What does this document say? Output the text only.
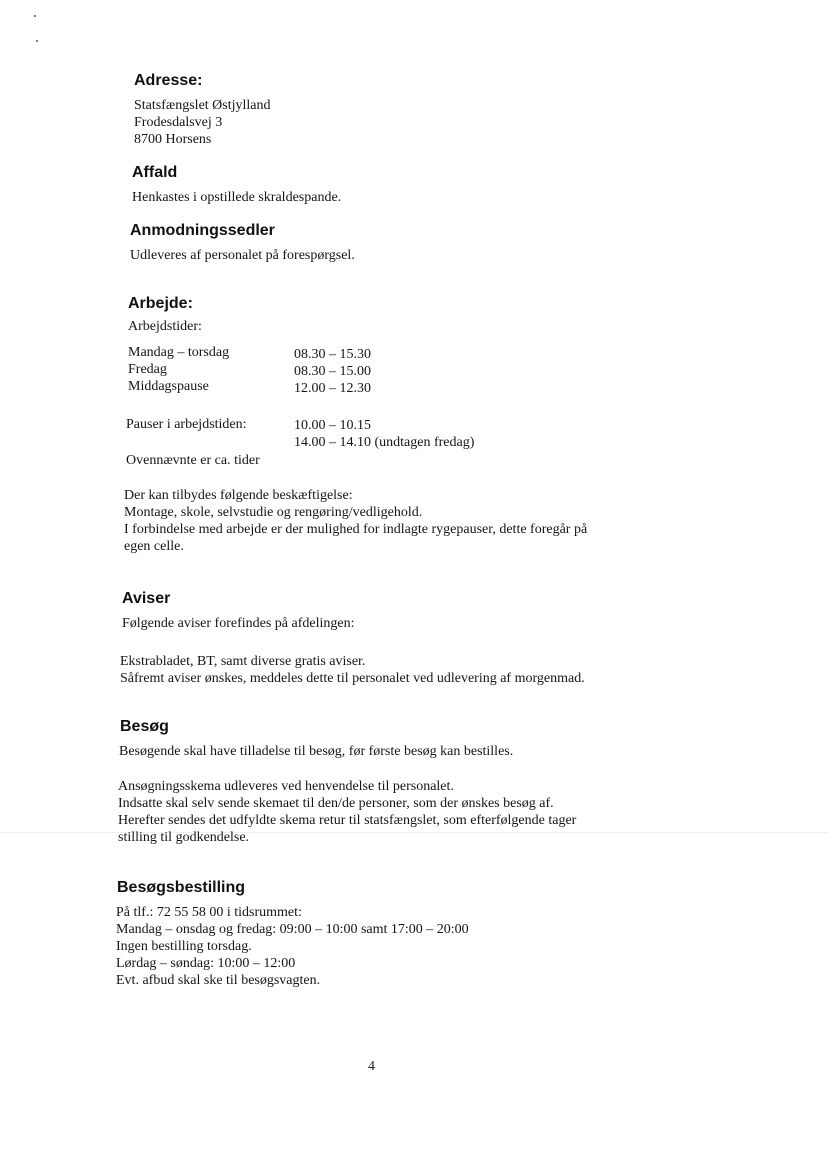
Adresse:
Statsfængslet Østjylland
Frodesdalsvej 3
8700 Horsens
Affald

Henkastes i opstillede skraldespande.

Anmodningssedler

Udleveres af personalet på forespørgsel.

Arbejde:

Arbejdstider:

Mandag – torsdag
Fredag
Middagspause
08.30 – 15.30
08.30 – 15.00
12.00 – 12.30

Pauser i arbejdstiden:	10.00 – 10.15
14.00 – 14.10 (undtagen fredag)

Ovennævnte er ca. tider

Der kan tilbydes følgende beskæftigelse:
Montage, skole, selvstudie og rengøring/vedligehold.
I forbindelse med arbejde er der mulighed for indlagte rygepauser, dette foregår på
egen celle.
Aviser

Følgende aviser forefindes på afdelingen:

Ekstrabladet, BT, samt diverse gratis aviser.
Såfremt aviser ønskes, meddeles dette til personalet ved udlevering af morgenmad.
Besøg

Besøgende skal have tilladelse til besøg, før første besøg kan bestilles.

Ansøgningsskema udleveres ved henvendelse til personalet.
Indsatte skal selv sende skemaet til den/de personer, som der ønskes besøg af.
Herefter sendes det udfyldte skema retur til statsfængslet, som efterfølgende tager
stilling til godkendelse.
Besøgsbestilling
På tlf.: 72 55 58 00 i tidsrummet:
Mandag – onsdag og fredag: 09:00 – 10:00 samt 17:00 – 20:00
Ingen bestilling torsdag.
Lørdag – søndag: 10:00 – 12:00
Evt. afbud skal ske til besøgsvagten.
4
